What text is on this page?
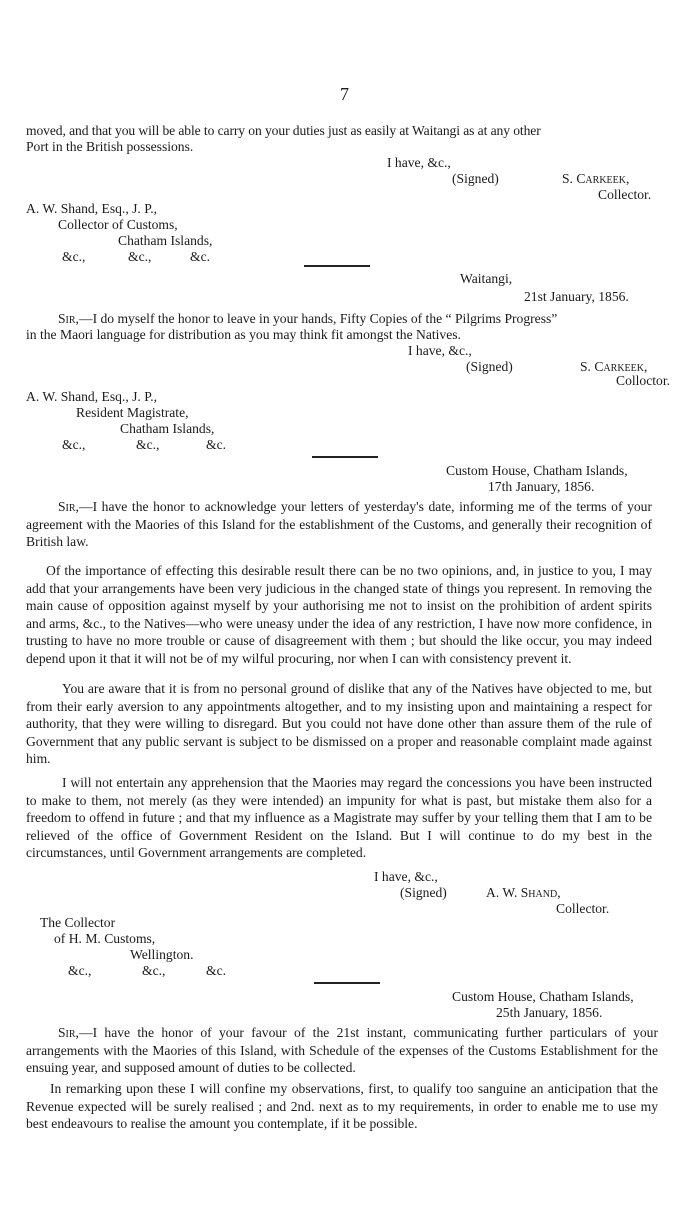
7
moved, and that you will be able to carry on your duties just as easily at Waitangi as at any other
Port in the British possessions.
I have, &c.,
(Signed)	S. Carkeek,
Collector.
A. W. Shand, Esq., J. P.,
Collector of Customs,
Chatham Islands,
&c.,	&c.,	&c.
Waitangi,
21st January, 1856.
Sir,—I do myself the honor to leave in your hands, Fifty Copies of the “ Pilgrims Progress”
in the Maori language for distribution as you may think fit amongst the Natives.
I have, &c.,
(Signed)	S. Carkeek,
Colloctor.
A. W. Shand, Esq., J. P.,
Resident Magistrate,
Chatham Islands,
&c.,	&c.,	&c.
Custom House, Chatham Islands,
17th January, 1856.
Sir,—I have the honor to acknowledge your letters of yesterday's date, informing me of the terms of your agreement with the Maories of this Island for the establishment of the Customs, and generally their recognition of British law.
Of the importance of effecting this desirable result there can be no two opinions, and, in justice to you, I may add that your arrangements have been very judicious in the changed state of things you represent. In removing the main cause of opposition against myself by your authorising me not to insist on the prohibition of ardent spirits and arms, &c., to the Natives—who were uneasy under the idea of any restriction, I have now more confidence, in trusting to have no more trouble or cause of disagreement with them ; but should the like occur, you may indeed depend upon it that it will not be of my wilful procuring, nor when I can with consistency prevent it.
You are aware that it is from no personal ground of dislike that any of the Natives have objected to me, but from their early aversion to any appointments altogether, and to my insisting upon and maintaining a respect for authority, that they were willing to disregard. But you could not have done other than assure them of the rule of Government that any public servant is subject to be dismissed on a proper and reasonable complaint made against him.
I will not entertain any apprehension that the Maories may regard the concessions you have been instructed to make to them, not merely (as they were intended) an impunity for what is past, but mistake them also for a freedom to offend in future ; and that my influence as a Magistrate may suffer by your telling them that I am to be relieved of the office of Government Resident on the Island. But I will continue to do my best in the circumstances, until Government arrangements are completed.
I have, &c.,
(Signed)	A. W. Shand,
Collector.
The Collector
of H. M. Customs,
Wellington.
&c.,	&c.,	&c.
Custom House, Chatham Islands,
25th January, 1856.
Sir,—I have the honor of your favour of the 21st instant, communicating further particulars of your arrangements with the Maories of this Island, with Schedule of the expenses of the Customs Establishment for the ensuing year, and supposed amount of duties to be collected.
In remarking upon these I will confine my observations, first, to qualify too sanguine an anticipation that the Revenue expected will be surely realised ; and 2nd. next as to my requirements, in order to enable me to use my best endeavours to realise the amount you contemplate, if it be possible.
